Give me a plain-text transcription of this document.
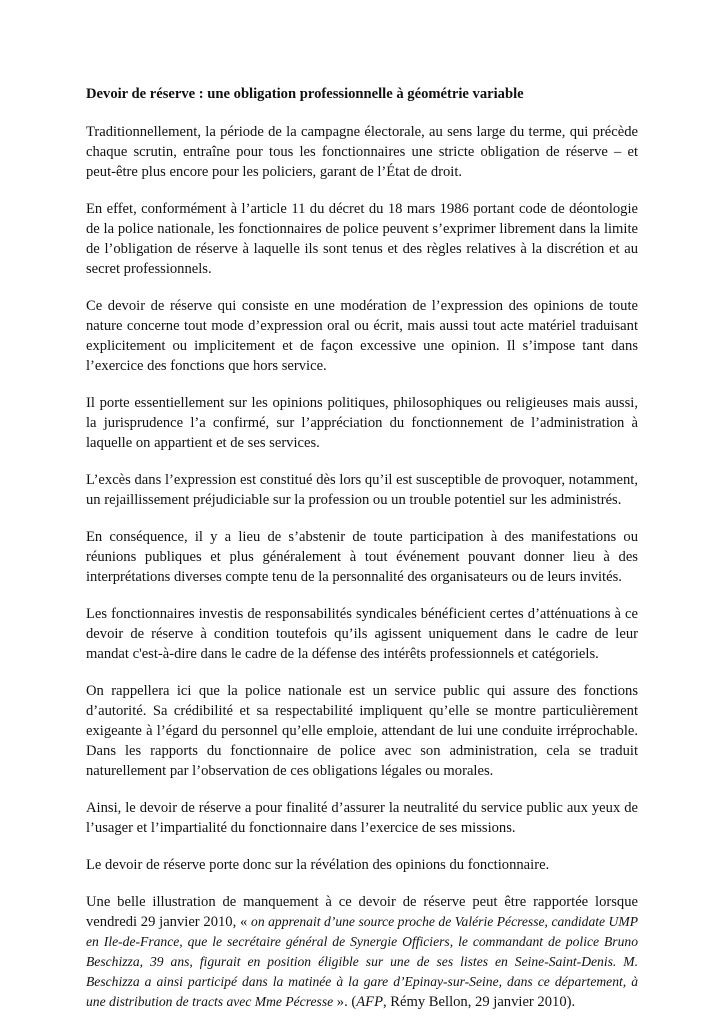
Devoir de réserve : une obligation professionnelle à géométrie variable
Traditionnellement, la période de la campagne électorale, au sens large du terme, qui précède chaque scrutin, entraîne pour tous les fonctionnaires une stricte obligation de réserve – et peut-être plus encore pour les policiers, garant de l’État de droit.
En effet, conformément à l’article 11 du décret du 18 mars 1986 portant code de déontologie de la police nationale, les fonctionnaires de police peuvent s’exprimer librement dans la limite de l’obligation de réserve à laquelle ils sont tenus et des règles relatives à la discrétion et au secret professionnels.
Ce devoir de réserve qui consiste en une modération de l’expression des opinions de toute nature concerne tout mode d’expression oral ou écrit, mais aussi tout acte matériel traduisant explicitement ou implicitement et de façon excessive une opinion. Il s’impose tant dans l’exercice des fonctions que hors service.
Il porte essentiellement sur les opinions politiques, philosophiques ou religieuses mais aussi, la jurisprudence l’a confirmé, sur l’appréciation du fonctionnement de l’administration à laquelle on appartient et de ses services.
L’excès dans l’expression est constitué dès lors qu’il est susceptible de provoquer, notamment, un rejaillissement préjudiciable sur la profession ou un trouble potentiel sur les administrés.
En conséquence, il y a lieu de s’abstenir de toute participation à des manifestations ou réunions publiques et plus généralement à tout événement pouvant donner lieu à des interprétations diverses compte tenu de la personnalité des organisateurs ou de leurs invités.
Les fonctionnaires investis de responsabilités syndicales bénéficient certes d’atténuations à ce devoir de réserve à condition toutefois qu’ils agissent uniquement dans le cadre de leur mandat c'est-à-dire dans le cadre de la défense des intérêts professionnels et catégoriels.
On rappellera ici que la police nationale est un service public qui assure des fonctions d’autorité. Sa crédibilité et sa respectabilité impliquent qu’elle se montre particulièrement exigeante à l’égard du personnel qu’elle emploie, attendant de lui une conduite irréprochable. Dans les rapports du fonctionnaire de police avec son administration, cela se traduit naturellement par l’observation de ces obligations légales ou morales.
Ainsi, le devoir de réserve a pour finalité d’assurer la neutralité du service public aux yeux de l’usager et l’impartialité du fonctionnaire dans l’exercice de ses missions.
Le devoir de réserve porte donc sur la révélation des opinions du fonctionnaire.
Une belle illustration de manquement à ce devoir de réserve peut être rapportée lorsque vendredi 29 janvier 2010, « on apprenait d’une source proche de Valérie Pécresse, candidate UMP en Ile-de-France, que le secrétaire général de Synergie Officiers, le commandant de police Bruno Beschizza, 39 ans, figurait en position éligible sur une de ses listes en Seine-Saint-Denis. M. Beschizza a ainsi participé dans la matinée à la gare d’Epinay-sur-Seine, dans ce département, à une distribution de tracts avec Mme Pécresse ». (AFP, Rémy Bellon, 29 janvier 2010).
